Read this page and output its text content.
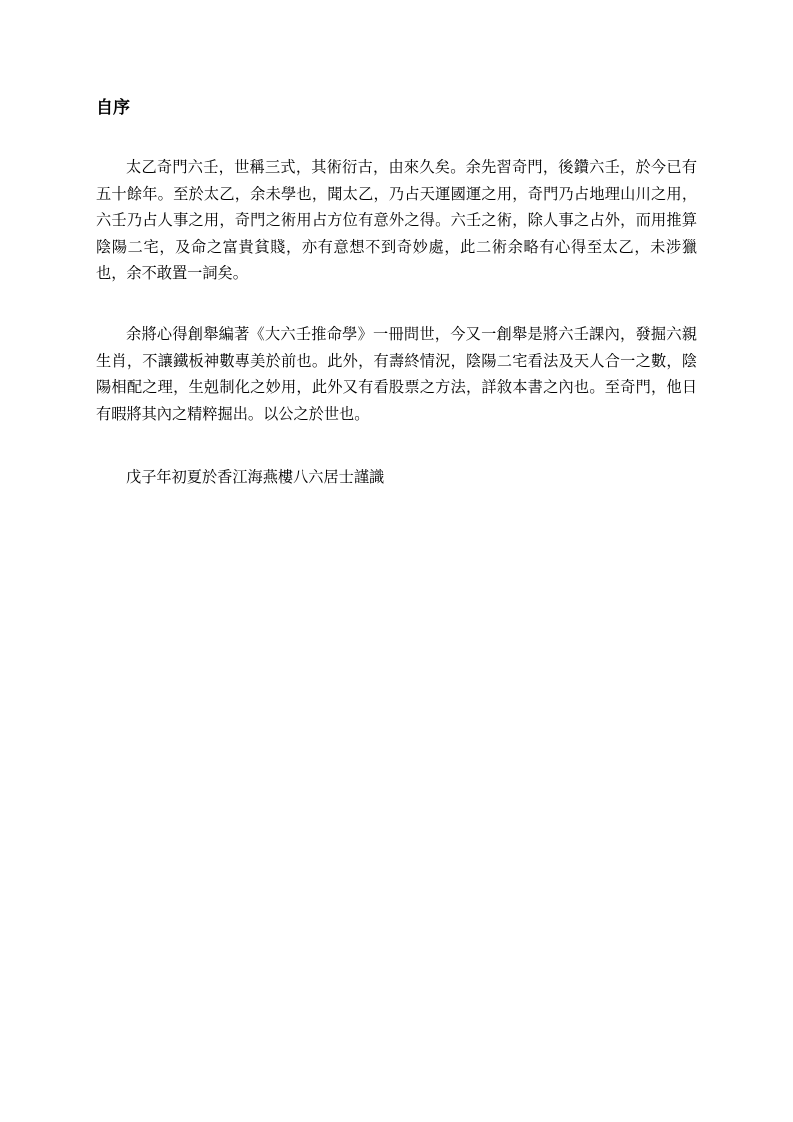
自序

太乙奇門六壬，世稱三式，其術衍古，由來久矣。余先習奇門，後鑽六壬，於今已有五十餘年。至於太乙，余未學也，聞太乙，乃占天運國運之用，奇門乃占地理山川之用，六壬乃占人事之用，奇門之術用占方位有意外之得。六壬之術，除人事之占外，而用推算陰陽二宅，及命之富貴貧賤，亦有意想不到奇妙處，此二術余略有心得至太乙，未涉獵也，余不敢置一詞矣。

余將心得創舉編著《大六壬推命學》一冊問世，今又一創舉是將六壬課內，發掘六親生肖，不讓鐵板神數專美於前也。此外，有壽終情況，陰陽二宅看法及天人合一之數，陰陽相配之理，生剋制化之妙用，此外又有看股票之方法，詳敘本書之內也。至奇門，他日有暇將其內之精粹掘出。以公之於世也。

戊子年初夏於香江海燕樓八六居士謹識
